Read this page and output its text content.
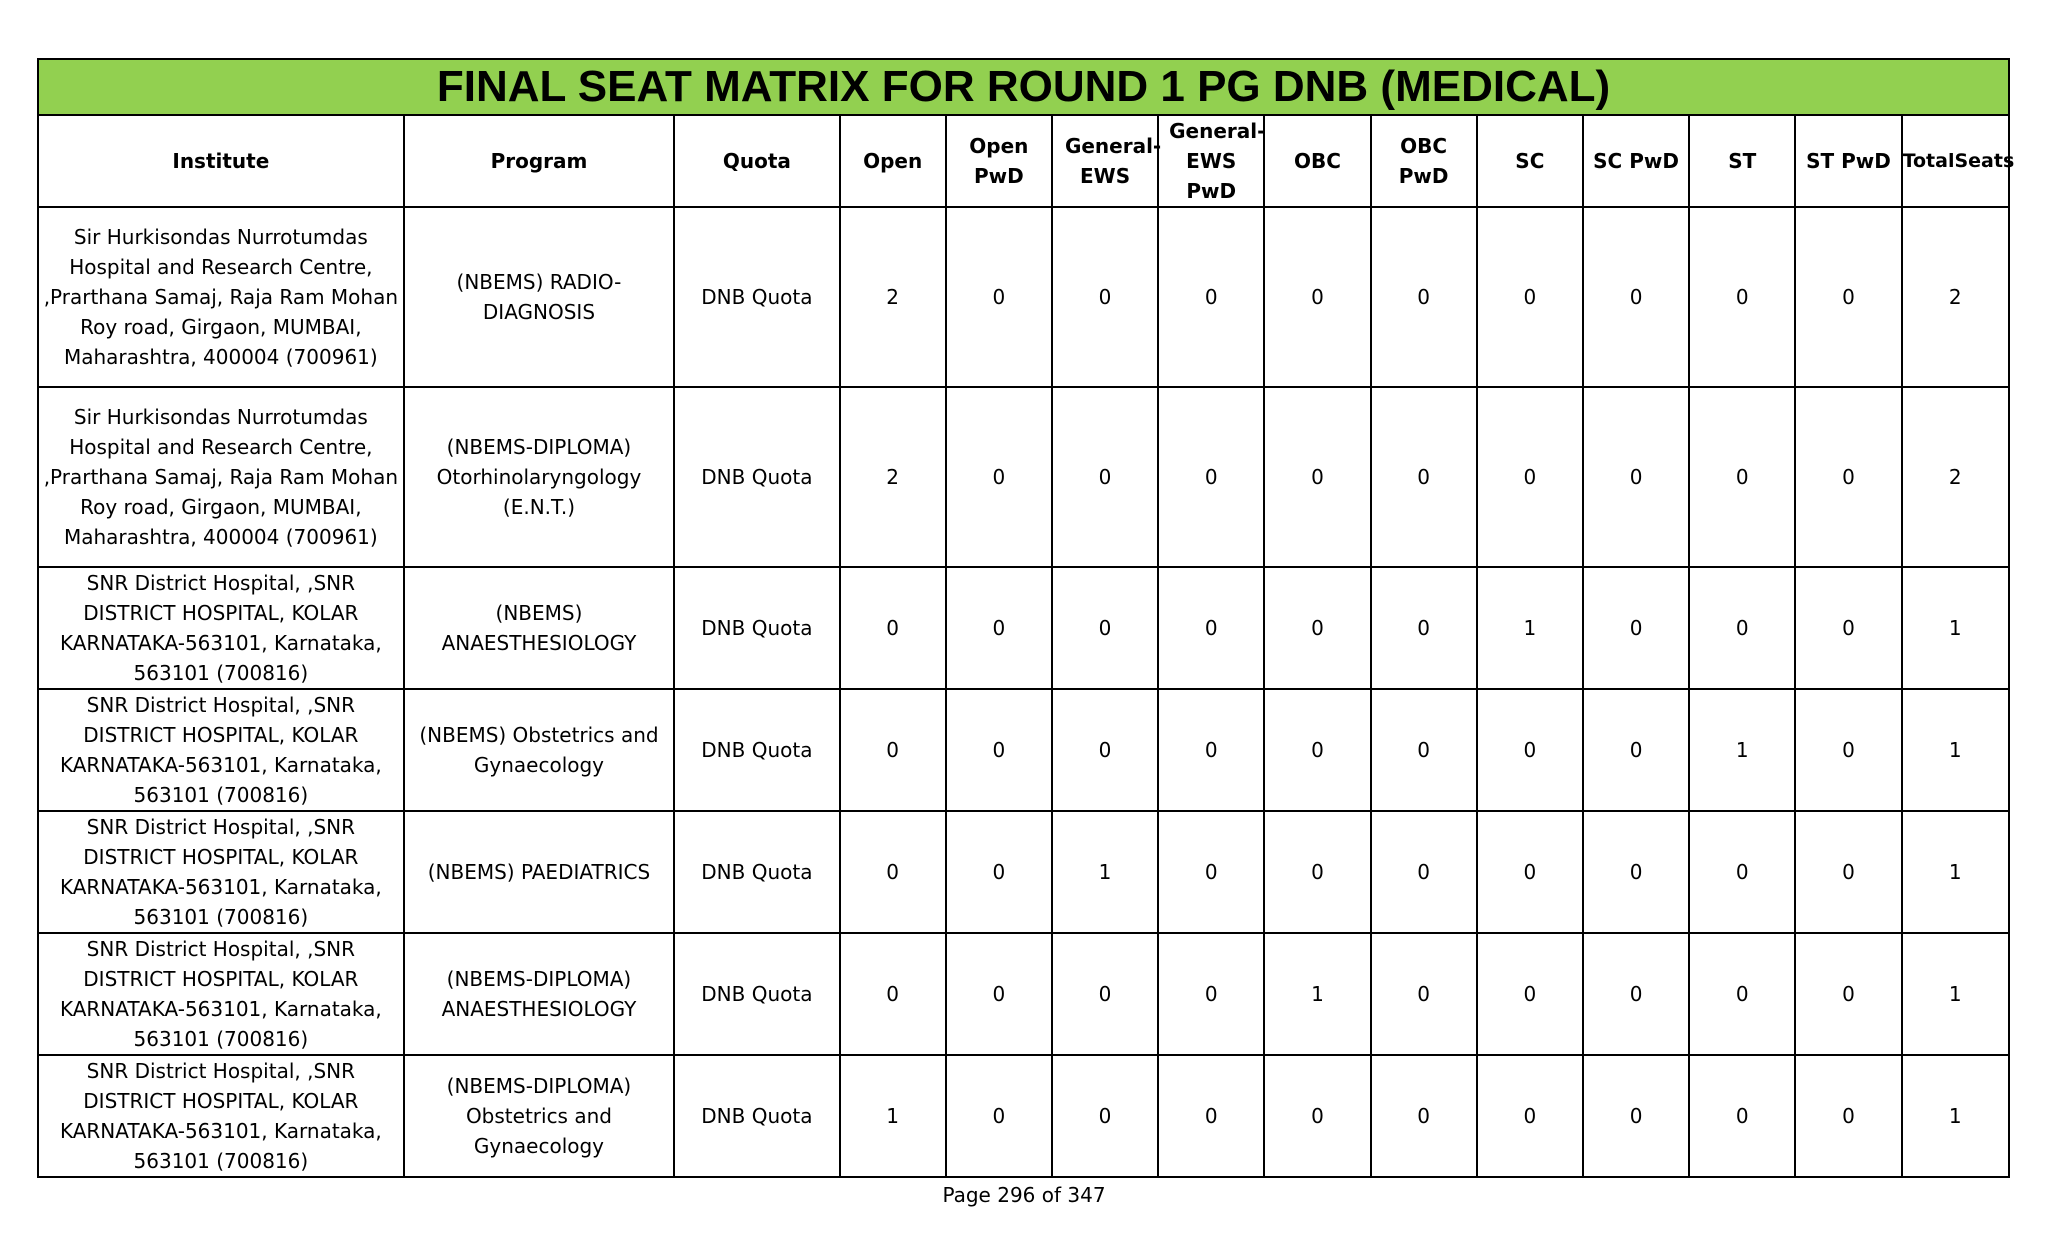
FINAL SEAT MATRIX FOR ROUND 1 PG DNB (MEDICAL)													
Institute	Program	Quota	Open	Open PwD	General-EWS	General-EWS PwD	OBC	OBC PwD	SC	SC PwD	ST	ST PwD	TotalSeats
Sir Hurkisondas Nurrotumdas Hospital and Research Centre, ,Prarthana Samaj, Raja Ram Mohan Roy road, Girgaon, MUMBAI, Maharashtra, 400004 (700961)	(NBEMS) RADIO-DIAGNOSIS	DNB Quota	2	0	0	0	0	0	0	0	0	0	2
Sir Hurkisondas Nurrotumdas Hospital and Research Centre, ,Prarthana Samaj, Raja Ram Mohan Roy road, Girgaon, MUMBAI, Maharashtra, 400004 (700961)	(NBEMS-DIPLOMA) Otorhinolaryngology (E.N.T.)	DNB Quota	2	0	0	0	0	0	0	0	0	0	2
SNR District Hospital, ,SNR DISTRICT HOSPITAL, KOLAR KARNATAKA-563101, Karnataka, 563101 (700816)	(NBEMS) ANAESTHESIOLOGY	DNB Quota	0	0	0	0	0	0	1	0	0	0	1
SNR District Hospital, ,SNR DISTRICT HOSPITAL, KOLAR KARNATAKA-563101, Karnataka, 563101 (700816)	(NBEMS) Obstetrics and Gynaecology	DNB Quota	0	0	0	0	0	0	0	0	1	0	1
SNR District Hospital, ,SNR DISTRICT HOSPITAL, KOLAR KARNATAKA-563101, Karnataka, 563101 (700816)	(NBEMS) PAEDIATRICS	DNB Quota	0	0	1	0	0	0	0	0	0	0	1
SNR District Hospital, ,SNR DISTRICT HOSPITAL, KOLAR KARNATAKA-563101, Karnataka, 563101 (700816)	(NBEMS-DIPLOMA) ANAESTHESIOLOGY	DNB Quota	0	0	0	0	1	0	0	0	0	0	1
SNR District Hospital, ,SNR DISTRICT HOSPITAL, KOLAR KARNATAKA-563101, Karnataka, 563101 (700816)	(NBEMS-DIPLOMA) Obstetrics and Gynaecology	DNB Quota	1	0	0	0	0	0	0	0	0	0	1
Page 296 of 347
